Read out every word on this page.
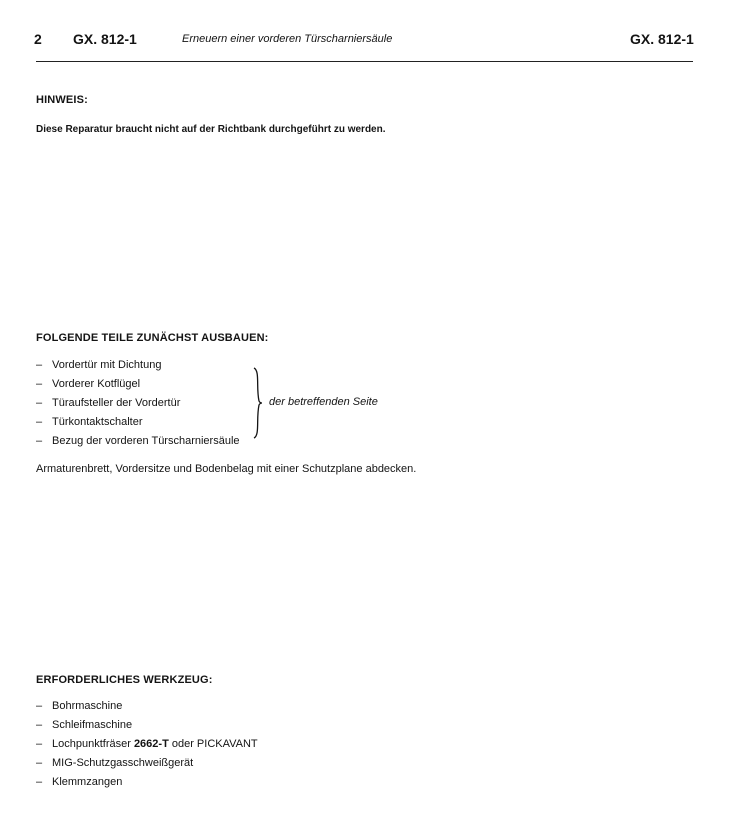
2 GX. 812-1	Erneuern einer vorderen Türscharniersäule	GX. 812-1
HINWEIS:
Diese Reparatur braucht nicht auf der Richtbank durchgeführt zu werden.
FOLGENDE TEILE ZUNÄCHST AUSBAUEN:
– Vordertür mit Dichtung
– Vorderer Kotflügel
– Türaufsteller der Vordertür
– Türkontaktschalter
– Bezug der vorderen Türscharniersäule
der betreffenden Seite
Armaturenbrett, Vordersitze und Bodenbelag mit einer Schutzplane abdecken.
ERFORDERLICHES WERKZEUG:
– Bohrmaschine
– Schleifmaschine
– Lochpunktfräser 2662-T oder PICKAVANT
– MIG-Schutzgasschweißgerät
– Klemmzangen
